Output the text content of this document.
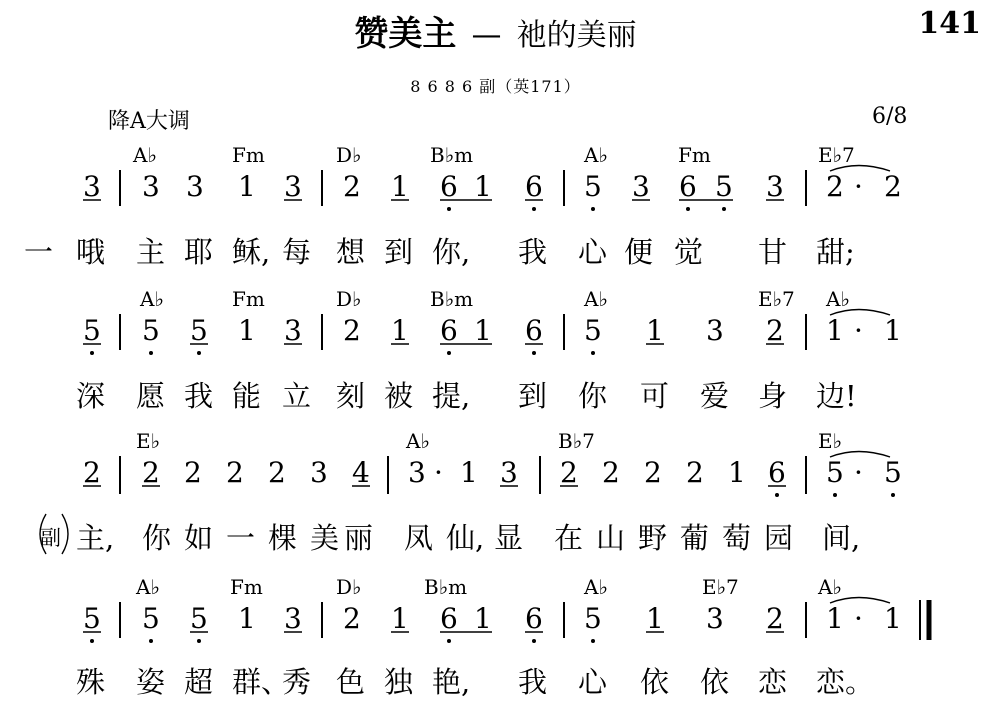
赞美主 — 祂的美丽	141
8 6 8 6 副（英171）
降A大调	6/8
A♭	Fm	D♭	B♭m	A♭	Fm	E♭7
3 3 3 1 3 2 1 6 1 6 5 3 6 5 3 2 · 2
一 哦 主 耶 稣, 每 想 到 你, 我 心 便 觉 甘 甜;
A♭	Fm	D♭	B♭m	A♭	E♭7 A♭
5 5 5 1 3 2 1 6 1 6 5 1 3 2 1 · 1
深 愿 我 能 立 刻 被 提, 到 你 可 爱 身 边!
E♭	A♭	B♭7	E♭
2 2 2 2 2 3 4 3 · 1 3 2 2 2 2 1 6 5 · 5
副 主, 你 如 一 棵 美 丽 凤 仙, 显 在 山 野 葡 萄 园 间,
A♭	Fm	D♭	B♭m	A♭	E♭7	A♭
5 5 5 1 3 2 1 6 1 6 5 1 3 2 1 · 1
殊 姿 超 群、
秀 色 独 艳, 我 心 依 依 恋 恋。
